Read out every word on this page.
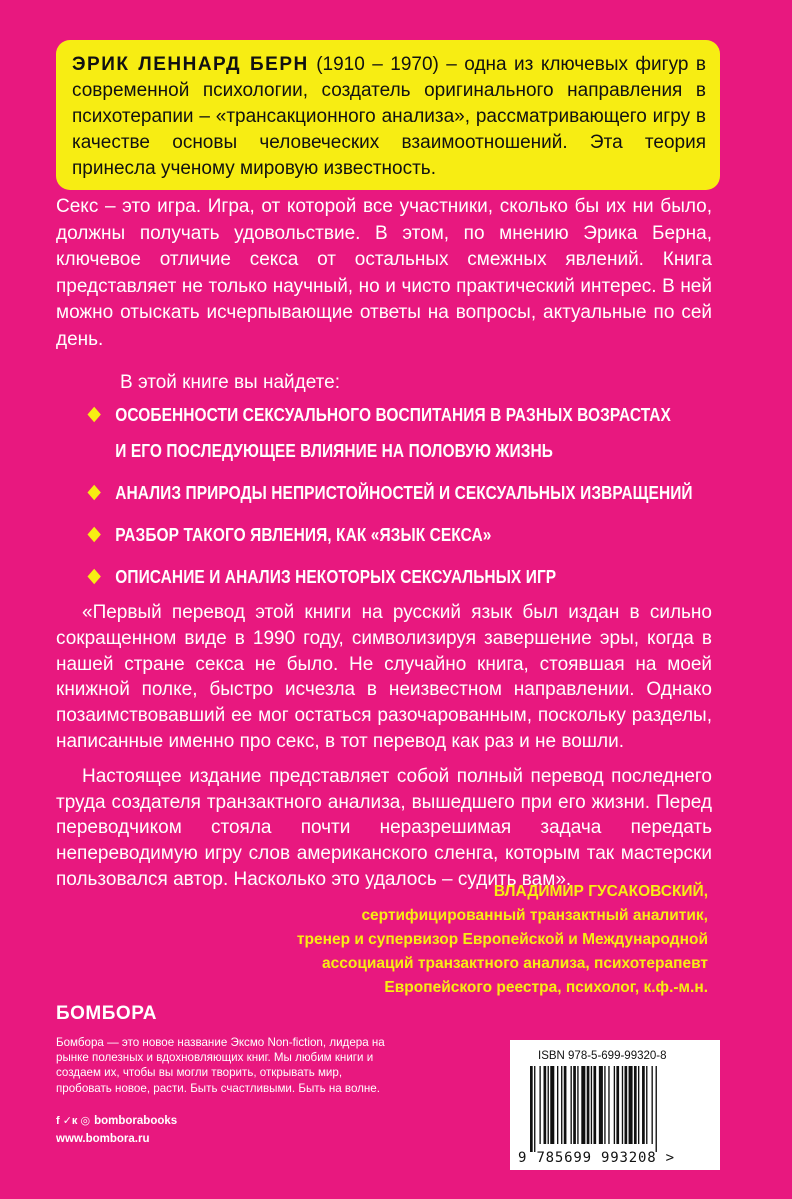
ЭРИК ЛЕННАРД БЕРН (1910 – 1970) – одна из ключевых фигур в современной психологии, создатель оригинального направления в психотерапии – «трансакционного анализа», рассматривающего игру в качестве основы человеческих взаимоотношений. Эта теория принесла ученому мировую известность.
Секс – это игра. Игра, от которой все участники, сколько бы их ни было, должны получать удовольствие. В этом, по мнению Эрика Берна, ключевое отличие секса от остальных смежных явлений. Книга представляет не только научный, но и чисто практический интерес. В ней можно отыскать исчерпывающие ответы на вопросы, актуальные по сей день.
В этой книге вы найдете:
ОСОБЕННОСТИ СЕКСУАЛЬНОГО ВОСПИТАНИЯ В РАЗНЫХ ВОЗРАСТАХ
И ЕГО ПОСЛЕДУЮЩЕЕ ВЛИЯНИЕ НА ПОЛОВУЮ ЖИЗНЬ
АНАЛИЗ ПРИРОДЫ НЕПРИСТОЙНОСТЕЙ И СЕКСУАЛЬНЫХ ИЗВРАЩЕНИЙ
РАЗБОР ТАКОГО ЯВЛЕНИЯ, КАК «ЯЗЫК СЕКСА»
ОПИСАНИЕ И АНАЛИЗ НЕКОТОРЫХ СЕКСУАЛЬНЫХ ИГР

«Первый перевод этой книги на русский язык был издан в сильно сокращенном виде в 1990 году, символизируя завершение эры, когда в нашей стране секса не было. Не случайно книга, стоявшая на моей книжной полке, быстро исчезла в неизвестном направлении. Однако позаимствовавший ее мог остаться разочарованным, поскольку разделы, написанные именно про секс, в тот перевод как раз и не вошли.

Настоящее издание представляет собой полный перевод последнего труда создателя транзактного анализа, вышедшего при его жизни. Перед переводчиком стояла почти неразрешимая задача передать непереводимую игру слов американского сленга, которым так мастерски пользовался автор. Насколько это удалось – судить вам».

ВЛАДИМИР ГУСАКОВСКИЙ,
сертифицированный транзактный аналитик,
тренер и супервизор Европейской и Международной
ассоциаций транзактного анализа, психотерапевт
Европейского реестра, психолог, к.ф.-м.н.
БОМБОРА
Бомбора — это новое название Эксмо Non-fiction, лидера на рынке полезных и вдохновляющих книг. Мы любим книги и создаем их, чтобы вы могли творить, открывать мир, пробовать новое, расти. Быть счастливыми. Быть на волне.
f ✓к ◎ bomborabooks
www.bombora.ru
ISBN 978-5-699-99320-8
9 785699 993208 >
